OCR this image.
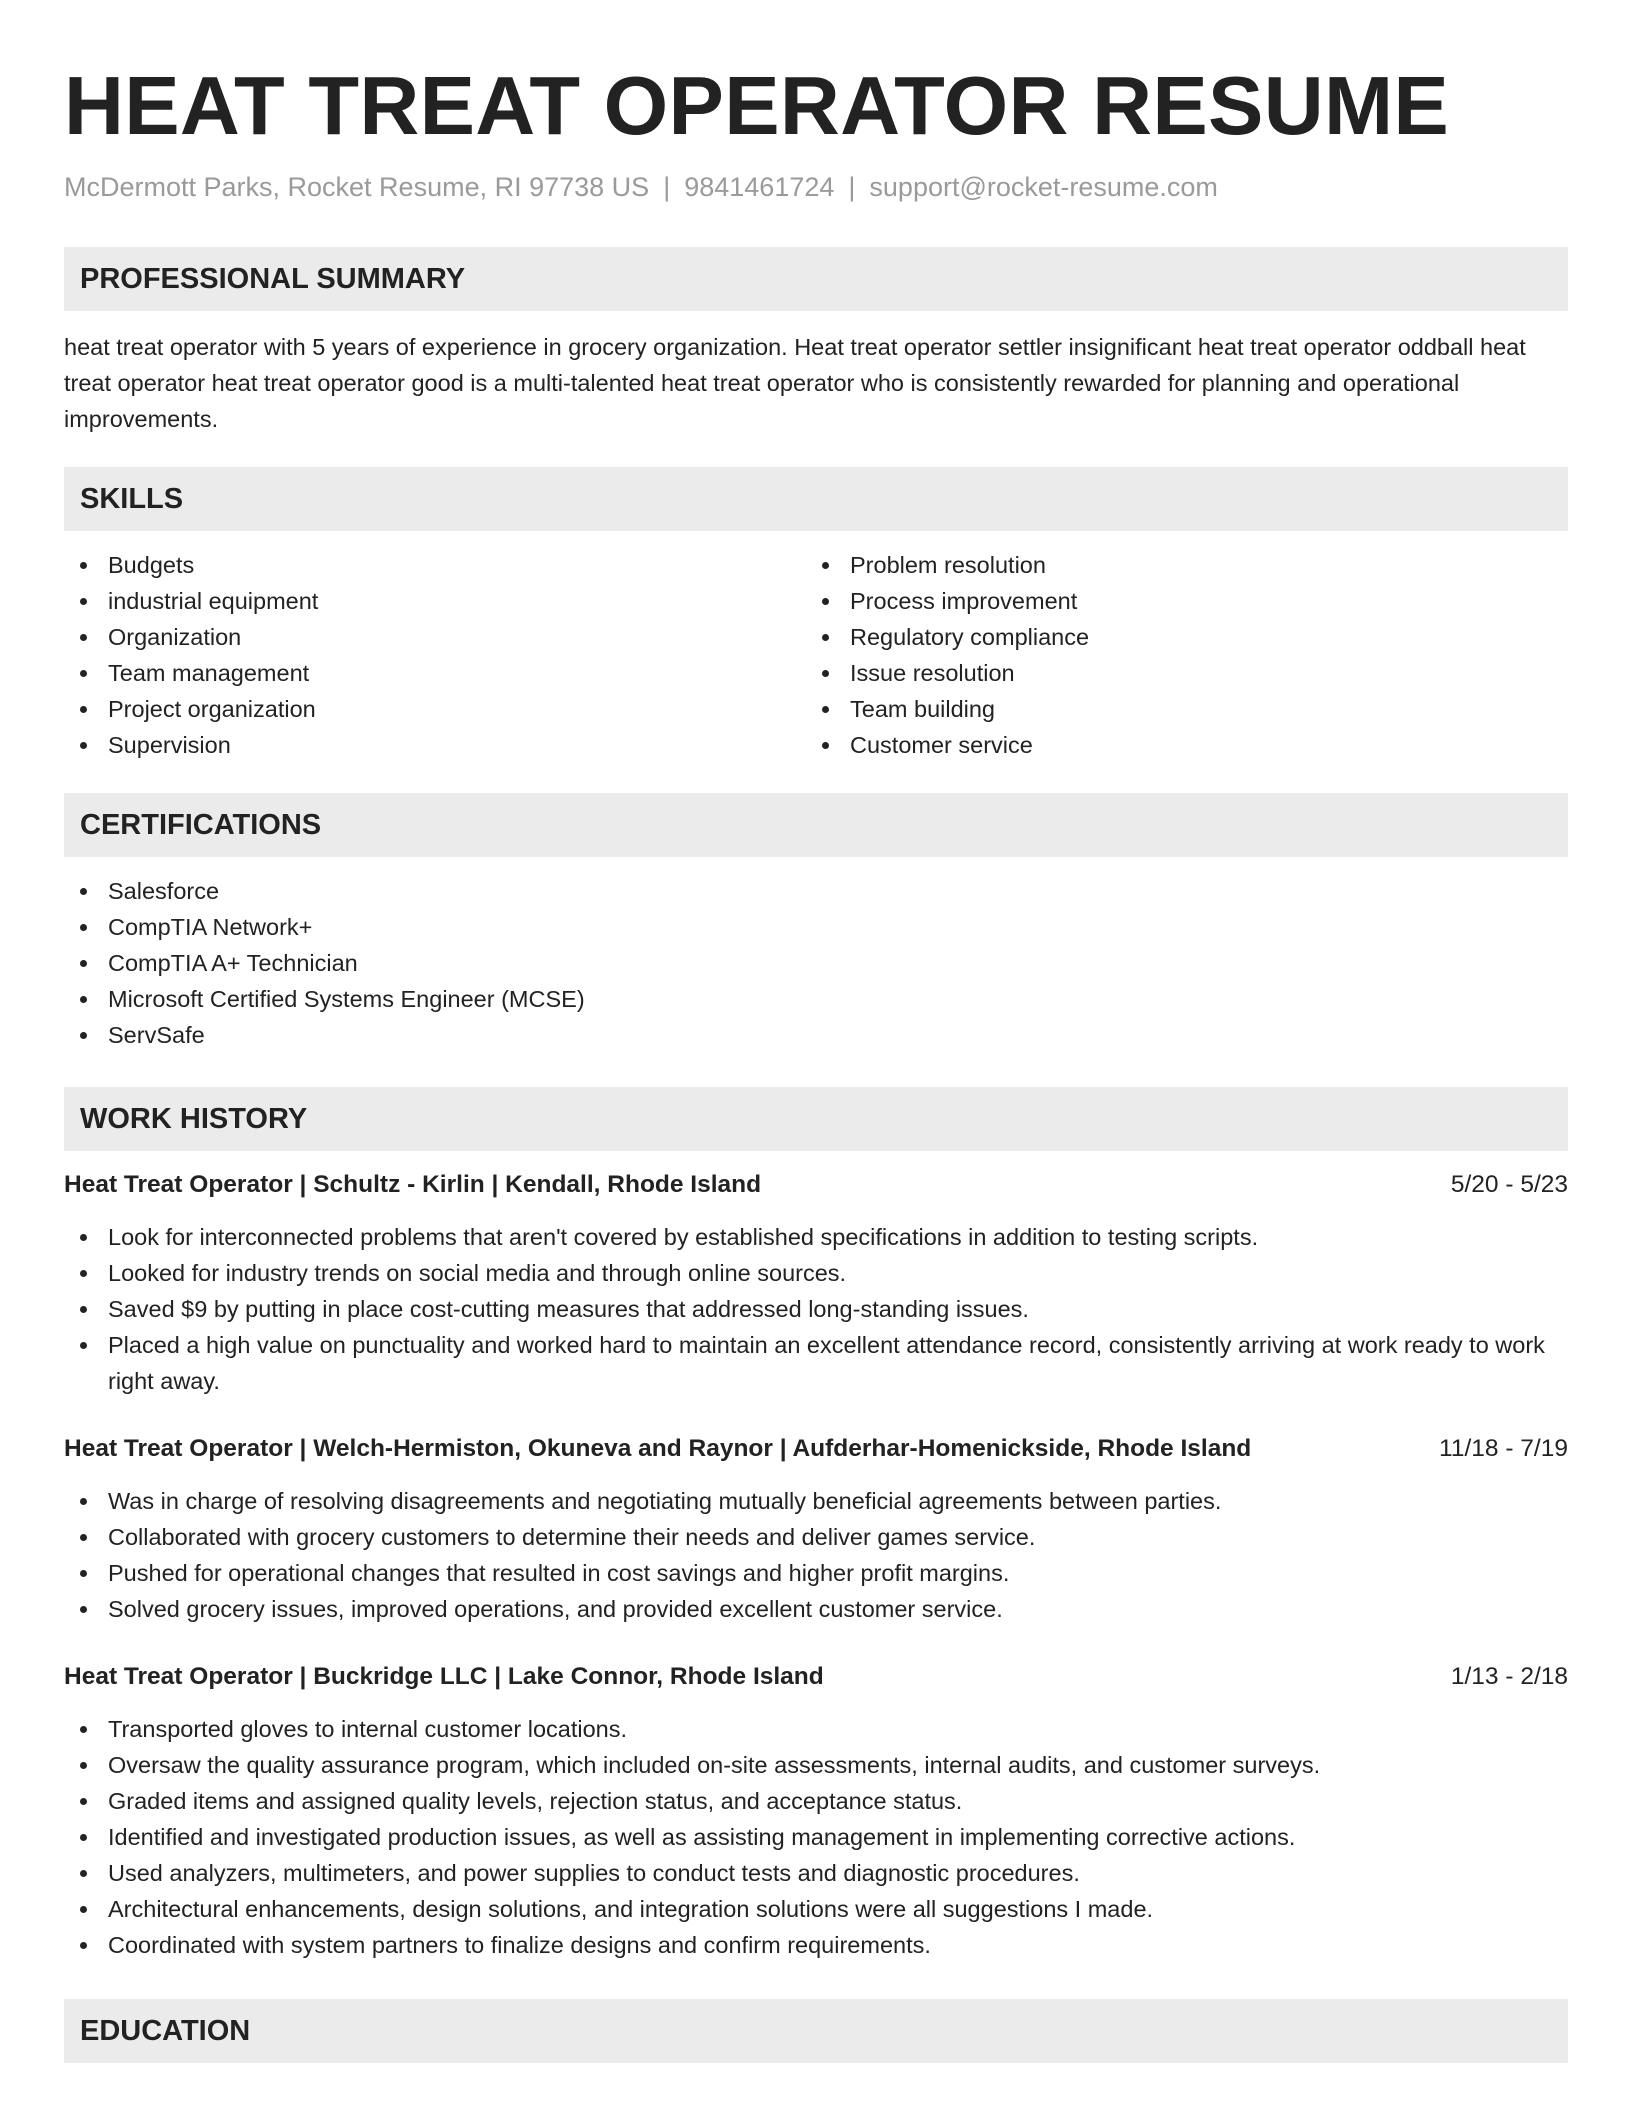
HEAT TREAT OPERATOR RESUME
McDermott Parks, Rocket Resume, RI 97738 US | 9841461724 | support@rocket-resume.com
PROFESSIONAL SUMMARY

heat treat operator with 5 years of experience in grocery organization. Heat treat operator settler insignificant heat treat operator oddball heat treat operator heat treat operator good is a multi-talented heat treat operator who is consistently rewarded for planning and operational improvements.

SKILLS
Budgets
industrial equipment
Organization
Team management
Project organization
Supervision
Problem resolution
Process improvement
Regulatory compliance
Issue resolution
Team building
Customer service
CERTIFICATIONS
Salesforce
CompTIA Network+
CompTIA A+ Technician
Microsoft Certified Systems Engineer (MCSE)
ServSafe
WORK HISTORY
Heat Treat Operator | Schultz - Kirlin | Kendall, Rhode Island	5/20 - 5/23
Look for interconnected problems that aren't covered by established specifications in addition to testing scripts.
Looked for industry trends on social media and through online sources.
Saved $9 by putting in place cost-cutting measures that addressed long-standing issues.
Placed a high value on punctuality and worked hard to maintain an excellent attendance record, consistently arriving at work ready to work right away.
Heat Treat Operator | Welch-Hermiston, Okuneva and Raynor | Aufderhar-Homenickside, Rhode Island	11/18 - 7/19
Was in charge of resolving disagreements and negotiating mutually beneficial agreements between parties.
Collaborated with grocery customers to determine their needs and deliver games service.
Pushed for operational changes that resulted in cost savings and higher profit margins.
Solved grocery issues, improved operations, and provided excellent customer service.
Heat Treat Operator | Buckridge LLC | Lake Connor, Rhode Island	1/13 - 2/18
Transported gloves to internal customer locations.
Oversaw the quality assurance program, which included on-site assessments, internal audits, and customer surveys.
Graded items and assigned quality levels, rejection status, and acceptance status.
Identified and investigated production issues, as well as assisting management in implementing corrective actions.
Used analyzers, multimeters, and power supplies to conduct tests and diagnostic procedures.
Architectural enhancements, design solutions, and integration solutions were all suggestions I made.
Coordinated with system partners to finalize designs and confirm requirements.
EDUCATION
